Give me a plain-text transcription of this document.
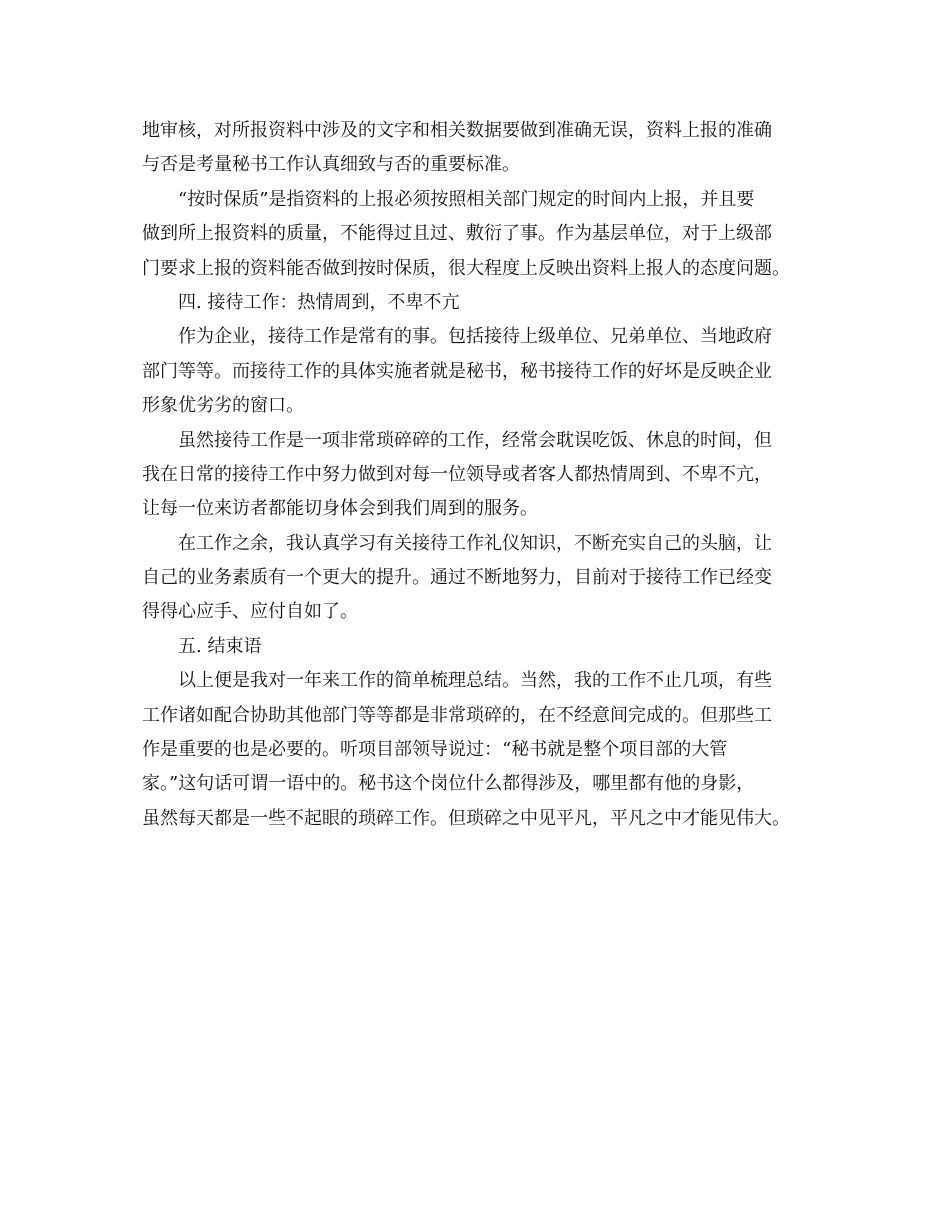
地审核，对所报资料中涉及的文字和相关数据要做到准确无误，资料上报的准确
与否是考量秘书工作认真细致与否的重要标准。
“按时保质”是指资料的上报必须按照相关部门规定的时间内上报，并且要
做到所上报资料的质量，不能得过且过、敷衍了事。作为基层单位，对于上级部
门要求上报的资料能否做到按时保质，很大程度上反映出资料上报人的态度问题。
四. 接待工作：热情周到，不卑不亢
作为企业，接待工作是常有的事。包括接待上级单位、兄弟单位、当地政府
部门等等。而接待工作的具体实施者就是秘书，秘书接待工作的好坏是反映企业
形象优劣劣的窗口。
虽然接待工作是一项非常琐碎碎的工作，经常会耽误吃饭、休息的时间，但
我在日常的接待工作中努力做到对每一位领导或者客人都热情周到、不卑不亢，
让每一位来访者都能切身体会到我们周到的服务。
在工作之余，我认真学习有关接待工作礼仪知识，不断充实自己的头脑，让
自己的业务素质有一个更大的提升。通过不断地努力，目前对于接待工作已经变
得得心应手、应付自如了。
五. 结束语
以上便是我对一年来工作的简单梳理总结。当然，我的工作不止几项，有些
工作诸如配合协助其他部门等等都是非常琐碎的，在不经意间完成的。但那些工
作是重要的也是必要的。听项目部领导说过：“秘书就是整个项目部的大管
家。”这句话可谓一语中的。秘书这个岗位什么都得涉及，哪里都有他的身影，
虽然每天都是一些不起眼的琐碎工作。但琐碎之中见平凡，平凡之中才能见伟大。
